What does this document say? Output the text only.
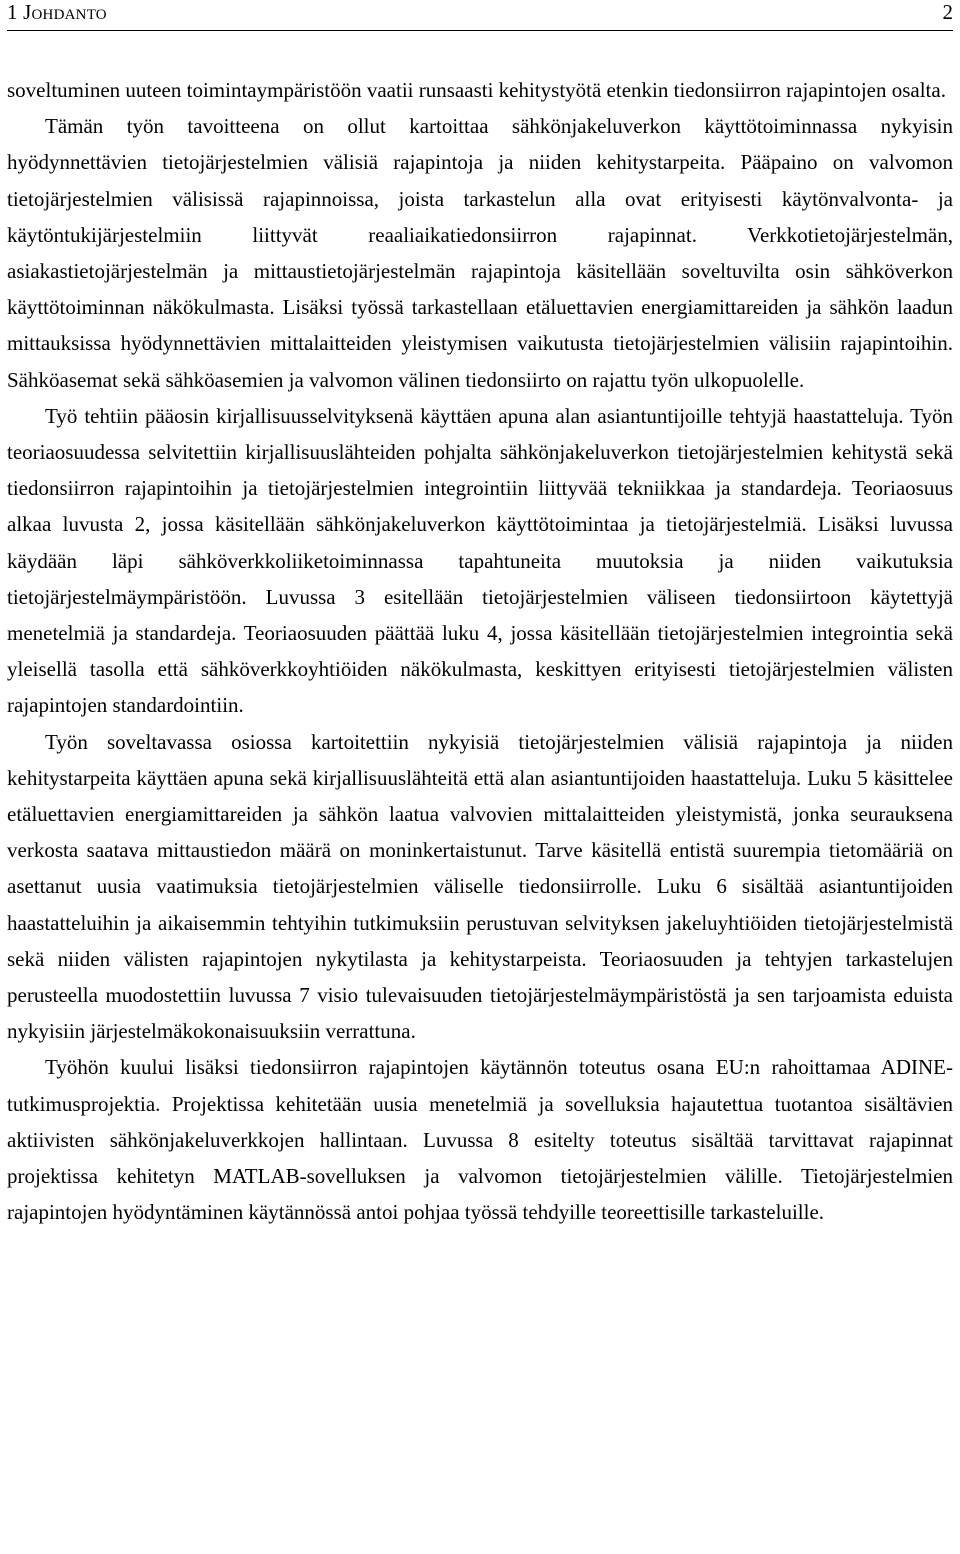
1 Johdanto	2

soveltuminen uuteen toimintaympäristöön vaatii runsaasti kehitystyötä etenkin tiedonsiirron rajapintojen osalta.

Tämän työn tavoitteena on ollut kartoittaa sähkönjakeluverkon käyttötoiminnassa nykyisin hyödynnettävien tietojärjestelmien välisiä rajapintoja ja niiden kehitystarpeita. Pääpaino on valvomon tietojärjestelmien välisissä rajapinnoissa, joista tarkastelun alla ovat erityisesti käytönvalvonta- ja käytöntukijärjestelmiin liittyvät reaaliaikatiedonsiirron rajapinnat. Verkkotietojärjestelmän, asiakastietojärjestelmän ja mittaustietojärjestelmän rajapintoja käsitellään soveltuvilta osin sähköverkon käyttötoiminnan näkökulmasta. Lisäksi työssä tarkastellaan etäluettavien energiamittareiden ja sähkön laadun mittauksissa hyödynnettävien mittalaitteiden yleistymisen vaikutusta tietojärjestelmien välisiin rajapintoihin. Sähköasemat sekä sähköasemien ja valvomon välinen tiedonsiirto on rajattu työn ulkopuolelle.

Työ tehtiin pääosin kirjallisuusselvityksenä käyttäen apuna alan asiantuntijoille tehtyjä haastatteluja. Työn teoriaosuudessa selvitettiin kirjallisuuslähteiden pohjalta sähkönjakeluverkon tietojärjestelmien kehitystä sekä tiedonsiirron rajapintoihin ja tietojärjestelmien integrointiin liittyvää tekniikkaa ja standardeja. Teoriaosuus alkaa luvusta 2, jossa käsitellään sähkönjakeluverkon käyttötoimintaa ja tietojärjestelmiä. Lisäksi luvussa käydään läpi sähköverkkoliiketoiminnassa tapahtuneita muutoksia ja niiden vaikutuksia tietojärjestelmäympäristöön. Luvussa 3 esitellään tietojärjestelmien väliseen tiedonsiirtoon käytettyjä menetelmiä ja standardeja. Teoriaosuuden päättää luku 4, jossa käsitellään tietojärjestelmien integrointia sekä yleisellä tasolla että sähköverkkoyhtiöiden näkökulmasta, keskittyen erityisesti tietojärjestelmien välisten rajapintojen standardointiin.

Työn soveltavassa osiossa kartoitettiin nykyisiä tietojärjestelmien välisiä rajapintoja ja niiden kehitystarpeita käyttäen apuna sekä kirjallisuuslähteitä että alan asiantuntijoiden haastatteluja. Luku 5 käsittelee etäluettavien energiamittareiden ja sähkön laatua valvovien mittalaitteiden yleistymistä, jonka seurauksena verkosta saatava mittaustiedon määrä on moninkertaistunut. Tarve käsitellä entistä suurempia tietomääriä on asettanut uusia vaatimuksia tietojärjestelmien väliselle tiedonsiirrolle. Luku 6 sisältää asiantuntijoiden haastatteluihin ja aikaisemmin tehtyihin tutkimuksiin perustuvan selvityksen jakeluyhtiöiden tietojärjestelmistä sekä niiden välisten rajapintojen nykytilasta ja kehitystarpeista. Teoriaosuuden ja tehtyjen tarkastelujen perusteella muodostettiin luvussa 7 visio tulevaisuuden tietojärjestelmäympäristöstä ja sen tarjoamista eduista nykyisiin järjestelmäkokonaisuuksiin verrattuna.

Työhön kuului lisäksi tiedonsiirron rajapintojen käytännön toteutus osana EU:n rahoittamaa ADINE-tutkimusprojektia. Projektissa kehitetään uusia menetelmiä ja sovelluksia hajautettua tuotantoa sisältävien aktiivisten sähkönjakeluverkkojen hallintaan. Luvussa 8 esitelty toteutus sisältää tarvittavat rajapinnat projektissa kehitetyn MATLAB-sovelluksen ja valvomon tietojärjestelmien välille. Tietojärjestelmien rajapintojen hyödyntäminen käytännössä antoi pohjaa työssä tehdyille teoreettisille tarkasteluille.
